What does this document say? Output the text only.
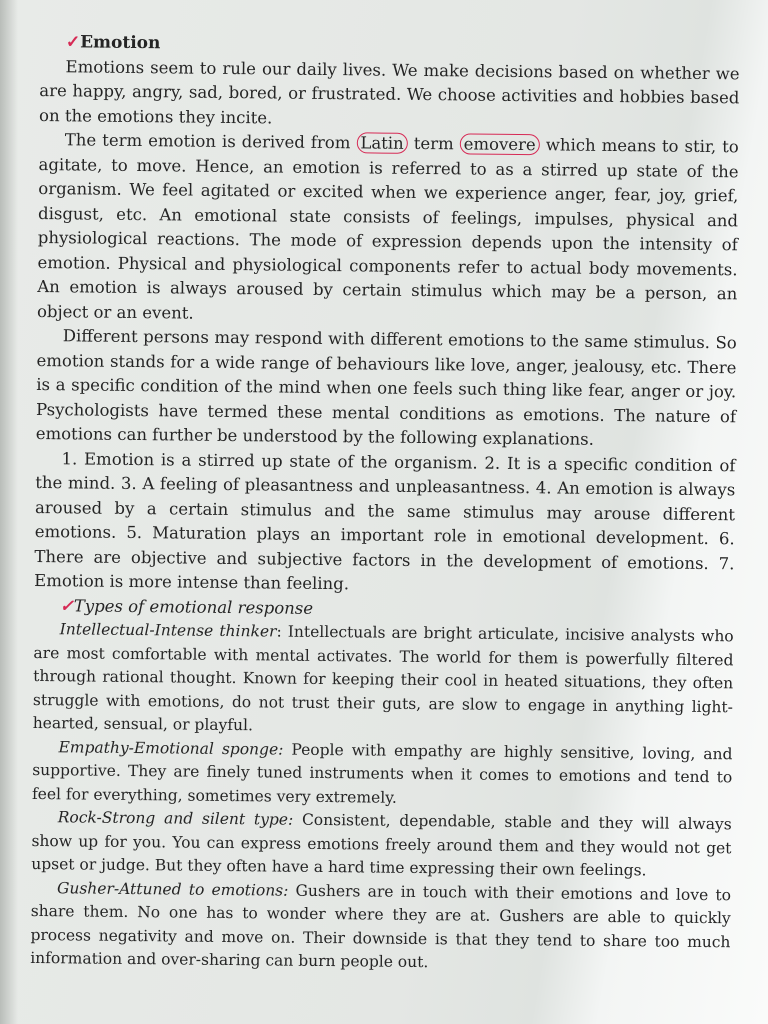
✓Emotion

Emotions seem to rule our daily lives. We make decisions based on whether we are happy, angry, sad, bored, or frustrated. We choose activities and hobbies based on the emotions they incite.

The term emotion is derived from Latin term emovere which means to stir, to agitate, to move. Hence, an emotion is referred to as a stirred up state of the organism. We feel agitated or excited when we experience anger, fear, joy, grief, disgust, etc. An emotional state consists of feelings, impulses, physical and physiological reactions. The mode of expression depends upon the intensity of emotion. Physical and physiological components refer to actual body movements. An emotion is always aroused by certain stimulus which may be a person, an object or an event.

Different persons may respond with different emotions to the same stimulus. So emotion stands for a wide range of behaviours like love, anger, jealousy, etc. There is a specific condition of the mind when one feels such thing like fear, anger or joy. Psychologists have termed these mental conditions as emotions. The nature of emotions can further be understood by the following explanations.

1. Emotion is a stirred up state of the organism. 2. It is a specific condition of the mind. 3. A feeling of pleasantness and unpleasantness. 4. An emotion is always aroused by a certain stimulus and the same stimulus may arouse different emotions. 5. Maturation plays an important role in emotional development. 6. There are objective and subjective factors in the development of emotions. 7. Emotion is more intense than feeling.

✓Types of emotional response

Intellectual-Intense thinker: Intellectuals are bright articulate, incisive analysts who are most comfortable with mental activates. The world for them is powerfully filtered through rational thought. Known for keeping their cool in heated situations, they often struggle with emotions, do not trust their guts, are slow to engage in anything light-hearted, sensual, or playful.

Empathy-Emotional sponge: People with empathy are highly sensitive, loving, and supportive. They are finely tuned instruments when it comes to emotions and tend to feel for everything, sometimes very extremely.

Rock-Strong and silent type: Consistent, dependable, stable and they will always show up for you. You can express emotions freely around them and they would not get upset or judge. But they often have a hard time expressing their own feelings.

Gusher-Attuned to emotions: Gushers are in touch with their emotions and love to share them. No one has to wonder where they are at. Gushers are able to quickly process negativity and move on. Their downside is that they tend to share too much information and over-sharing can burn people out.
